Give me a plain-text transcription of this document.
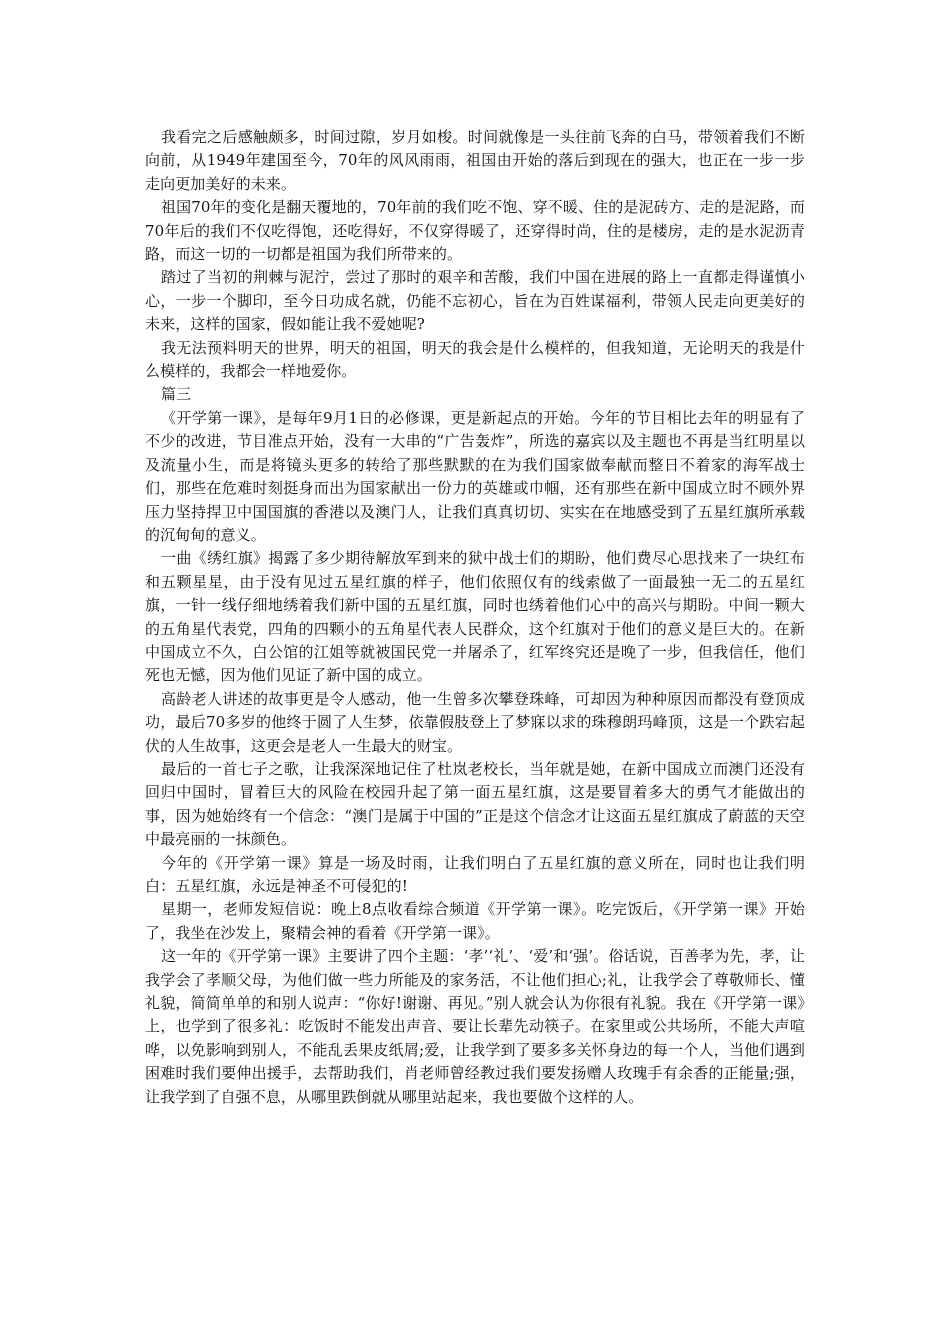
我看完之后感触颇多，时间过隙，岁月如梭。时间就像是一头往前飞奔的白马，带领着我们不断向前，从1949年建国至今，70年的风风雨雨，祖国由开始的落后到现在的强大，也正在一步一步走向更加美好的未来。

祖国70年的变化是翻天覆地的，70年前的我们吃不饱、穿不暖、住的是泥砖方、走的是泥路，而70年后的我们不仅吃得饱，还吃得好，不仅穿得暖了，还穿得时尚，住的是楼房，走的是水泥沥青路，而这一切的一切都是祖国为我们所带来的。

踏过了当初的荆棘与泥泞，尝过了那时的艰辛和苦酸，我们中国在进展的路上一直都走得谨慎小心，一步一个脚印，至今日功成名就，仍能不忘初心，旨在为百姓谋福利，带领人民走向更美好的未来，这样的国家，假如能让我不爱她呢?

我无法预料明天的世界，明天的祖国，明天的我会是什么模样的，但我知道，无论明天的我是什么模样的，我都会一样地爱你。

篇三

《开学第一课》，是每年9月1日的必修课，更是新起点的开始。今年的节目相比去年的明显有了不少的改进，节目准点开始，没有一大串的“广告轰炸”，所选的嘉宾以及主题也不再是当红明星以及流量小生，而是将镜头更多的转给了那些默默的在为我们国家做奉献而整日不着家的海军战士们，那些在危难时刻挺身而出为国家献出一份力的英雄或巾帼，还有那些在新中国成立时不顾外界压力坚持捍卫中国国旗的香港以及澳门人，让我们真真切切、实实在在地感受到了五星红旗所承载的沉甸甸的意义。

一曲《绣红旗》揭露了多少期待解放军到来的狱中战士们的期盼，他们费尽心思找来了一块红布和五颗星星，由于没有见过五星红旗的样子，他们依照仅有的线索做了一面最独一无二的五星红旗，一针一线仔细地绣着我们新中国的五星红旗，同时也绣着他们心中的高兴与期盼。中间一颗大的五角星代表党，四角的四颗小的五角星代表人民群众，这个红旗对于他们的意义是巨大的。在新中国成立不久，白公馆的江姐等就被国民党一并屠杀了，红军终究还是晚了一步，但我信任，他们死也无憾，因为他们见证了新中国的成立。

高龄老人讲述的故事更是令人感动，他一生曾多次攀登珠峰，可却因为种种原因而都没有登顶成功，最后70多岁的他终于圆了人生梦，依靠假肢登上了梦寐以求的珠穆朗玛峰顶，这是一个跌宕起伏的人生故事，这更会是老人一生最大的财宝。

最后的一首七子之歌，让我深深地记住了杜岚老校长，当年就是她，在新中国成立而澳门还没有回归中国时，冒着巨大的风险在校园升起了第一面五星红旗，这是要冒着多大的勇气才能做出的事，因为她始终有一个信念：“澳门是属于中国的”正是这个信念才让这面五星红旗成了蔚蓝的天空中最亮丽的一抹颜色。

今年的《开学第一课》算是一场及时雨，让我们明白了五星红旗的意义所在，同时也让我们明白：五星红旗，永远是神圣不可侵犯的!

星期一，老师发短信说：晚上8点收看综合频道《开学第一课》。吃完饭后，《开学第一课》开始了，我坐在沙发上，聚精会神的看着《开学第一课》。

这一年的《开学第一课》主要讲了四个主题：‘孝’‘礼’、‘爱’和‘强’。俗话说，百善孝为先，孝，让我学会了孝顺父母，为他们做一些力所能及的家务活，不让他们担心;礼，让我学会了尊敬师长、懂礼貌，简简单单的和别人说声：“你好!谢谢、再见。”别人就会认为你很有礼貌。我在《开学第一课》上，也学到了很多礼：吃饭时不能发出声音、要让长辈先动筷子。在家里或公共场所，不能大声喧哗，以免影响到别人，不能乱丢果皮纸屑;爱，让我学到了要多多关怀身边的每一个人，当他们遇到困难时我们要伸出援手，去帮助我们，肖老师曾经教过我们要发扬赠人玫瑰手有余香的正能量;强，让我学到了自强不息，从哪里跌倒就从哪里站起来，我也要做个这样的人。
